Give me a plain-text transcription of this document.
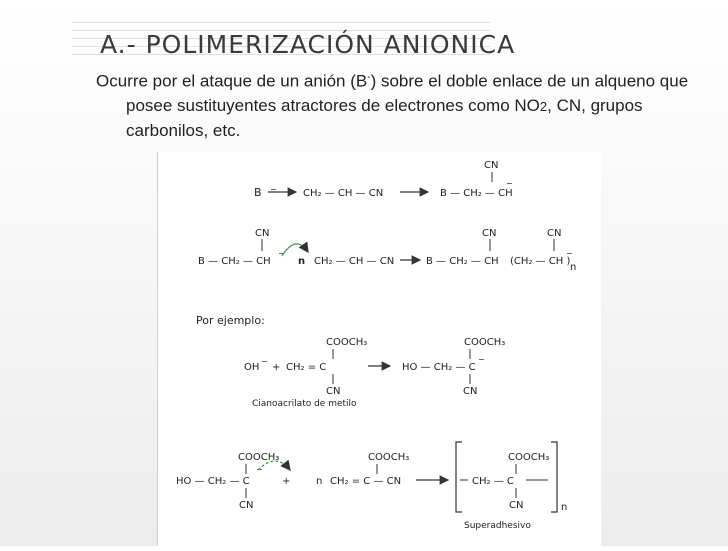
A.- POLIMERIZACIÓN ANIONICA

Ocurre por el ataque de un anión (B-) sobre el doble enlace de un alqueno que posee sustituyentes atractores de electrones como NO2, CN, grupos carbonilos, etc.

B −	CH₂ — CH — CN	B — CH₂ — CH
CN
−
B — CH₂ — CH
CN
−
n CH₂ — CH — CN	B — CH₂ — CH
CN
(CH₂ — CH )
CN
−
n
Por ejemplo:
OH
−
+ CH₂ = C
COOCH₃
CN
HO — CH₂ — C
COOCH₃
−
CN
Cianoacrilato de metilo
HO — CH₂ — C
COOCH₃
−
CN
+	n CH₂ = C — CN
COOCH₃
CH₂ — C
COOCH₃
CN	n
Superadhesivo
